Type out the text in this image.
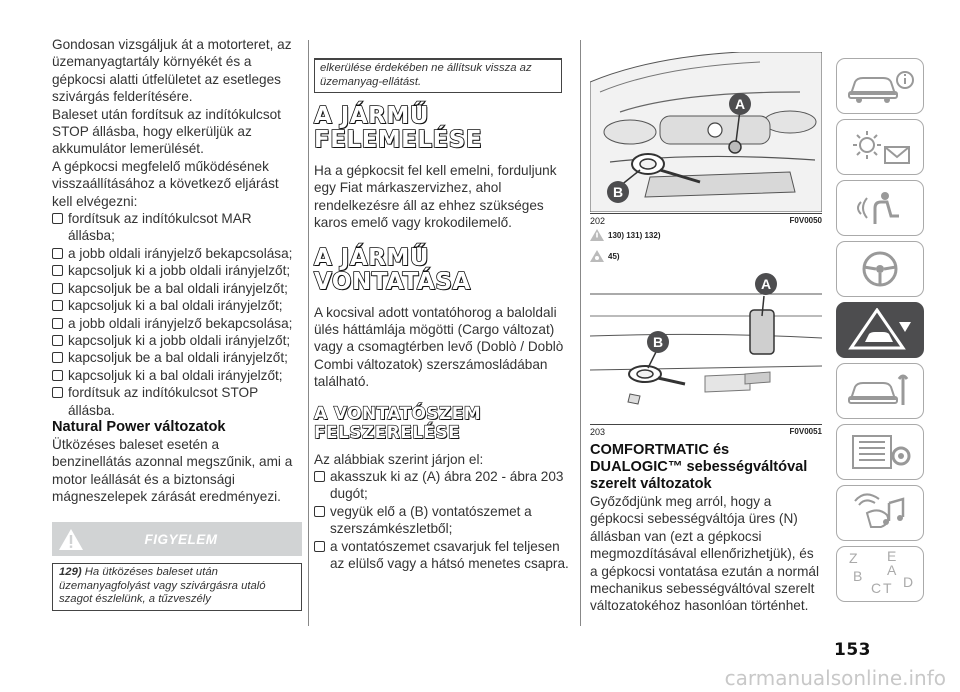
Gondosan vizsgáljuk át a motorteret, az üzemanyagtartály környékét és a gépkocsi alatti útfelületet az esetleges szivárgás felderítésére.

Baleset után fordítsuk az indítókulcsot STOP állásba, hogy elkerüljük az akkumulátor lemerülését.

A gépkocsi megfelelő működésének visszaállításához a következő eljárást kell elvégezni:

fordítsuk az indítókulcsot MAR állásba;
a jobb oldali irányjelző bekapcsolása;
kapcsoljuk ki a jobb oldali irányjelzőt;
kapcsoljuk be a bal oldali irányjelzőt;
kapcsoljuk ki a bal oldali irányjelzőt;
a jobb oldali irányjelző bekapcsolása;
kapcsoljuk ki a jobb oldali irányjelzőt;
kapcsoljuk be a bal oldali irányjelzőt;
kapcsoljuk ki a bal oldali irányjelzőt;
fordítsuk az indítókulcsot STOP állásba.
Natural Power változatok

Ütközéses baleset esetén a benzinellátás azonnal megszűnik, ami a motor leállását és a biztonsági mágneszelepek zárását eredményezi.

FIGYELEM
129) Ha ütközéses baleset után üzemanyagfolyást vagy szivárgásra utaló szagot észlelünk, a tűzveszély
elkerülése érdekében ne állítsuk vissza az üzemanyag-ellátást.
A JÁRMŰ
FELEMELÉSE

Ha a gépkocsit fel kell emelni, forduljunk egy Fiat márkaszervizhez, ahol rendelkezésre áll az ehhez szükséges karos emelő vagy krokodilemelő.

A JÁRMŰ
VONTATÁSA

A kocsival adott vontatóhorog a baloldali ülés háttámlája mögötti (Cargo változat) vagy a csomagtérben levő (Doblò / Doblò Combi változatok) szerszámosládában található.

A VONTATÓSZEM
FELSZERELÉSE

Az alábbiak szerint járjon el:

akasszuk ki az (A) ábra 202 - ábra 203 dugót;
vegyük elő a (B) vontatószemet a szerszámkészletből;
a vontatószemet csavarjuk fel teljesen az elülső vagy a hátsó menetes csapra.
A
B
202	F0V0050
130) 131) 132)
45)
A
B
203	F0V0051
COMFORTMATIC és DUALOGIC™ sebességváltóval szerelt változatok

Győződjünk meg arról, hogy a gépkocsi sebességváltója üres (N) állásban van (ezt a gépkocsi megmozdításával ellenőrizhetjük), és a gépkocsi vontatása ezután a normál mechanikus sebességváltóval szerelt változatokéhoz hasonlóan történhet.

Z E
B
C T
A
D
153
carmanualsonline.info
